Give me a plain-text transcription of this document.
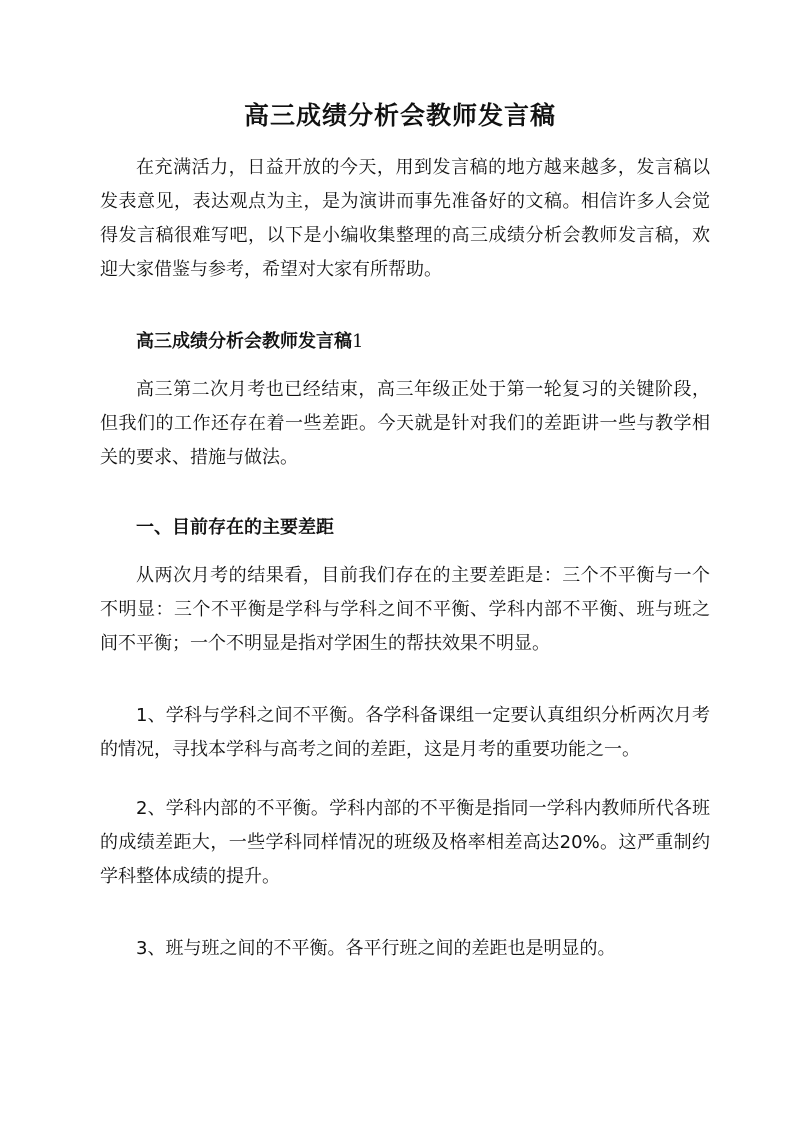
高三成绩分析会教师发言稿

在充满活力，日益开放的今天，用到发言稿的地方越来越多，发言稿以发表意见，表达观点为主，是为演讲而事先准备好的文稿。相信许多人会觉得发言稿很难写吧，以下是小编收集整理的高三成绩分析会教师发言稿，欢迎大家借鉴与参考，希望对大家有所帮助。

高三成绩分析会教师发言稿1

高三第二次月考也已经结束，高三年级正处于第一轮复习的关键阶段，但我们的工作还存在着一些差距。今天就是针对我们的差距讲一些与教学相关的要求、措施与做法。

一、目前存在的主要差距

从两次月考的结果看，目前我们存在的主要差距是：三个不平衡与一个不明显：三个不平衡是学科与学科之间不平衡、学科内部不平衡、班与班之间不平衡；一个不明显是指对学困生的帮扶效果不明显。

1、学科与学科之间不平衡。各学科备课组一定要认真组织分析两次月考的情况，寻找本学科与高考之间的差距，这是月考的重要功能之一。

2、学科内部的不平衡。学科内部的不平衡是指同一学科内教师所代各班的成绩差距大，一些学科同样情况的班级及格率相差高达20%。这严重制约学科整体成绩的提升。

3、班与班之间的不平衡。各平行班之间的差距也是明显的。
